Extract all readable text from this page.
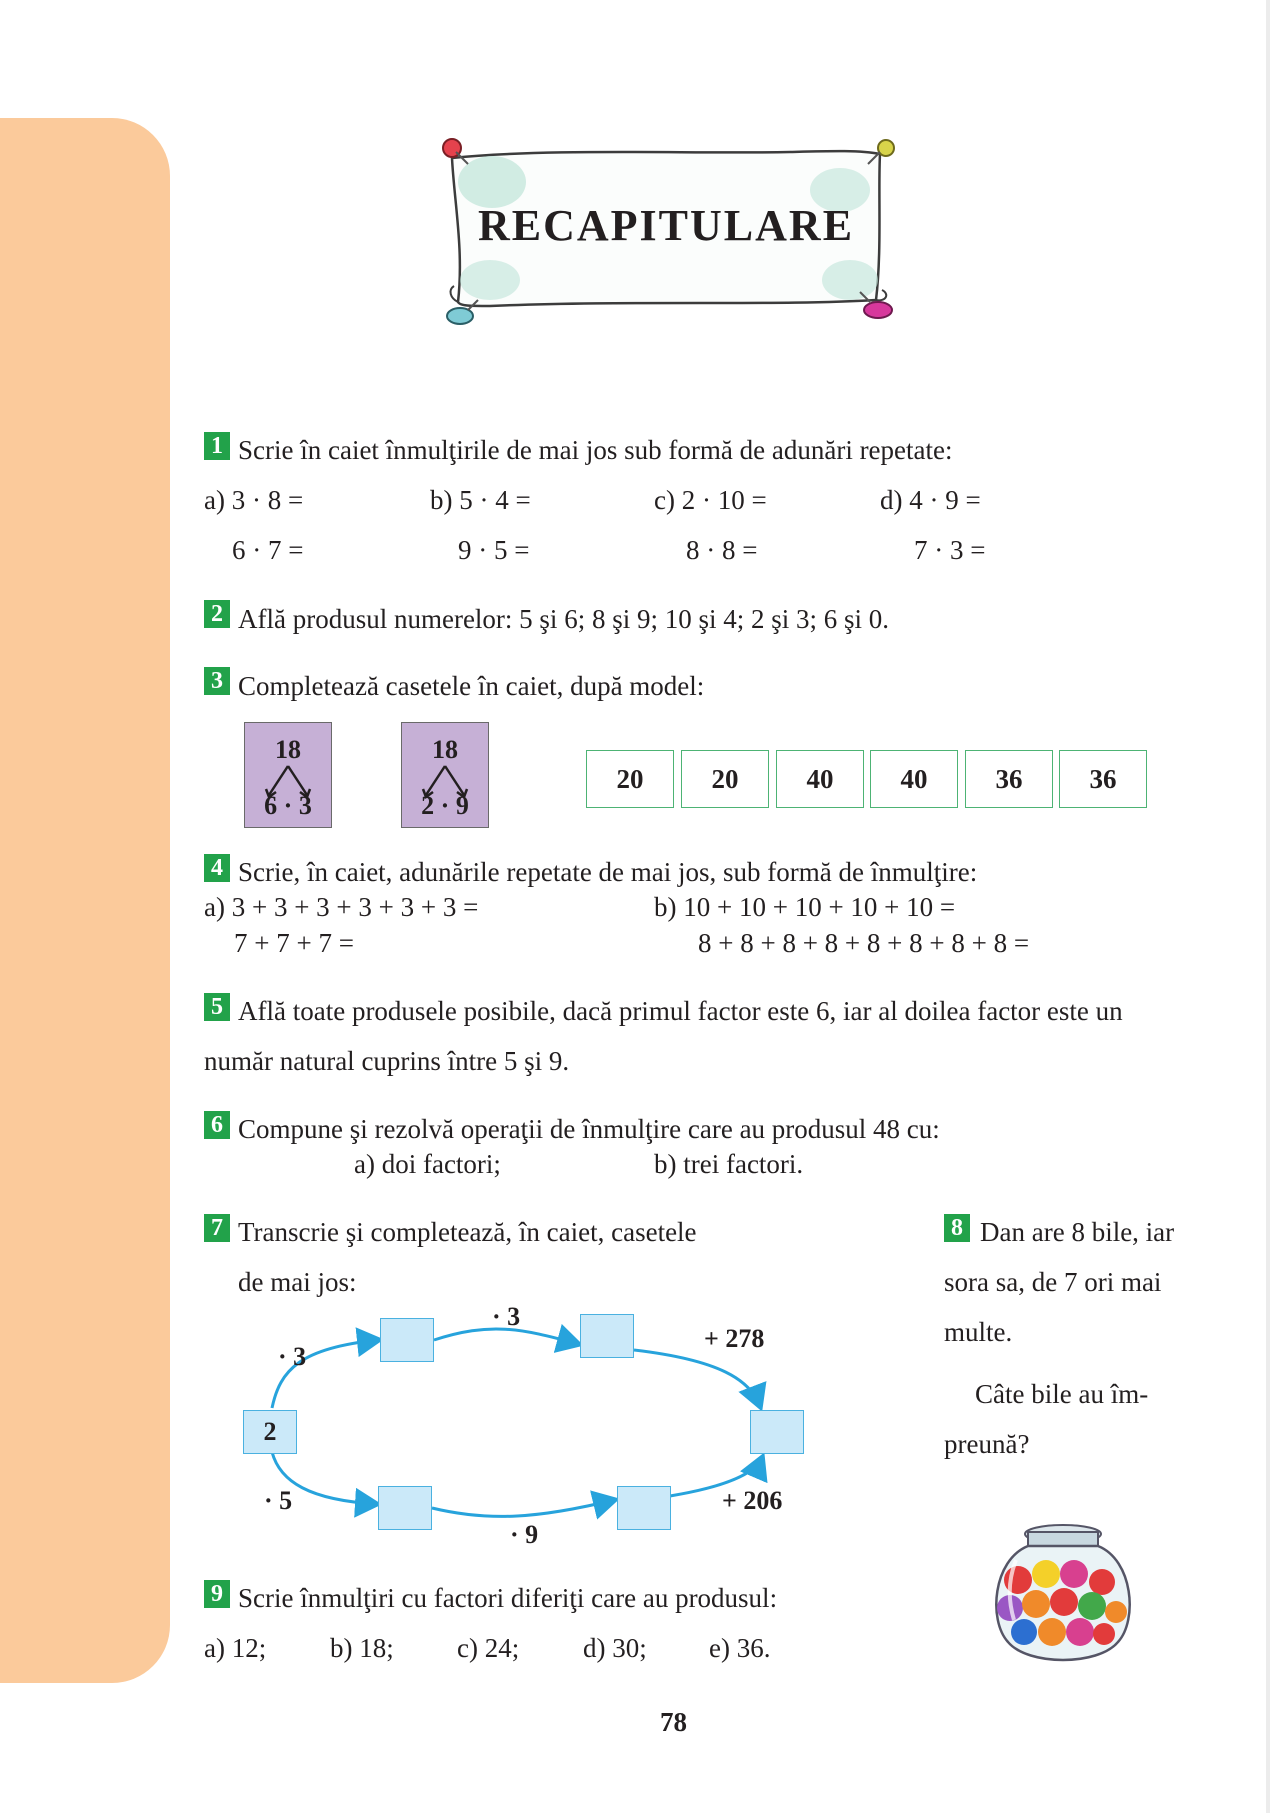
RECAPITULARE
1 Scrie în caiet înmulţirile de mai jos sub formă de adunări repetate:
a) 3 · 8 =	b) 5 · 4 =	c) 2 · 10 =	d) 4 · 9 =
6 · 7 =	9 · 5 =	8 · 8 =	7 · 3 =
2 Află produsul numerelor: 5 şi 6; 8 şi 9; 10 şi 4; 2 şi 3; 6 şi 0.
3 Completează casetele în caiet, după model:
18
6 · 3
18
2 · 9
20	20	40	40	36	36
4 Scrie, în caiet, adunările repetate de mai jos, sub formă de înmulţire:
a) 3 + 3 + 3 + 3 + 3 + 3 =
7 + 7 + 7 =
b) 10 + 10 + 10 + 10 + 10 =
8 + 8 + 8 + 8 + 8 + 8 + 8 + 8 =
5 Află toate produsele posibile, dacă primul factor este 6, iar al doilea factor este un
număr natural cuprins între 5 şi 9.
6 Compune şi rezolvă operaţii de înmulţire care au produsul 48 cu:
a) doi factori;	b) trei factori.
7 Transcrie şi completează, în caiet, casetele
de mai jos:
2
· 3
· 3
+ 278
· 5
· 9
+ 206
8 Dan are 8 bile, iar
sora sa, de 7 ori mai
multe.
Câte bile au îm-
preună?
9 Scrie înmulţiri cu factori diferiţi care au produsul:
a) 12; b) 18; c) 24; d) 30; e) 36.
78
